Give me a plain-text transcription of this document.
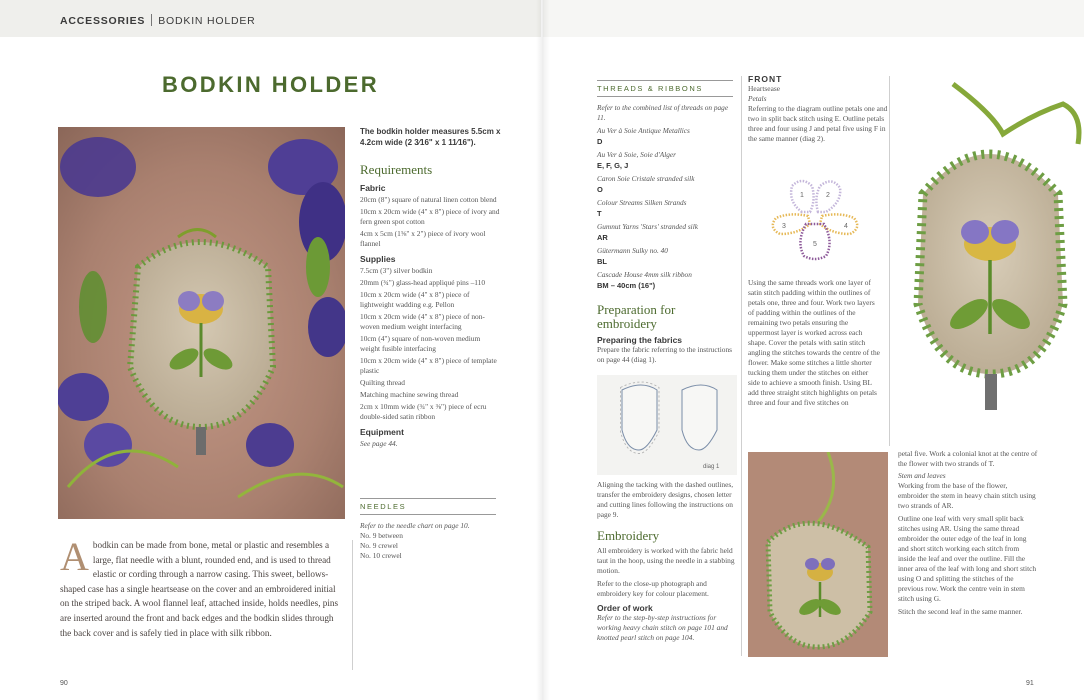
ACCESSORIES BODKIN HOLDER
BODKIN HOLDER
The bodkin holder measures 5.5cm x 4.2cm wide (2 3⁄16" x 1 11⁄16").
Requirements
Fabric

20cm (8") square of natural linen cotton blend

10cm x 20cm wide (4" x 8") piece of ivory and fern green spot cotton

4cm x 5cm (1⅝" x 2") piece of ivory wool flannel

Supplies

7.5cm (3") silver bodkin

20mm (¾") glass-head appliqué pins –110

10cm x 20cm wide (4" x 8") piece of lightweight wadding e.g. Pellon

10cm x 20cm wide (4" x 8") piece of non-woven medium weight interfacing

10cm (4") square of non-woven medium weight fusible interfacing

10cm x 20cm wide (4" x 8") piece of template plastic

Quilting thread

Matching machine sewing thread

2cm x 10mm wide (¾" x ⅜") piece of ecru double-sided satin ribbon

Equipment

See page 44.

NEEDLES

Refer to the needle chart on page 10.

No. 9 between

No. 9 crewel

No. 10 crewel

Abodkin can be made from bone, metal or plastic and resembles a large, flat needle with a blunt, rounded end, and is used to thread elastic or cording through a narrow casing. This sweet, bellows-shaped case has a single heartsease on the cover and an embroidered initial on the striped back. A wool flannel leaf, attached inside, holds needles, pins are inserted around the front and back edges and the bodkin slides through the back cover and is safely tied in place with silk ribbon.
90	91
THREADS & RIBBONS

Refer to the combined list of threads on page 11.

Au Ver à Soie Antique Metallics

D

Au Ver à Soie, Soie d'Alger

E, F, G, J

Caron Soie Cristale stranded silk

O

Colour Streams Silken Strands

T

Gumnut Yarns 'Stars' stranded silk

AR

Gütermann Sulky no. 40

BL

Cascade House 4mm silk ribbon

BM – 40cm (16")

Preparation for embroidery
Preparing the fabrics

Prepare the fabric referring to the instructions on page 44 (diag 1).

diag 1

Aligning the tacking with the dashed outlines, transfer the embroidery designs, chosen letter and cutting lines following the instructions on page 9.

Embroidery

All embroidery is worked with the fabric held taut in the hoop, using the needle in a stabbing motion.

Refer to the close-up photograph and embroidery key for colour placement.

Order of work

Refer to the step-by-step instructions for working heavy chain stitch on page 101 and knotted pearl stitch on page 104.

FRONT

Heartsease

Petals

Referring to the diagram outline petals one and two in split back stitch using E. Outline petals three and four using J and petal five using F in the same manner (diag 2).

1	2
3	4
5

Using the same threads work one layer of satin stitch padding within the outlines of petals one, three and four. Work two layers of padding within the outlines of the remaining two petals ensuring the uppermost layer is worked across each shape. Cover the petals with satin stitch angling the stitches towards the centre of the flower. Make some stitches a little shorter tucking them under the stitches on either side to achieve a smooth finish. Using BL add three straight stitch highlights on petals three and four and five stitches on

petal five. Work a colonial knot at the centre of the flower with two strands of T.

Stem and leaves

Working from the base of the flower, embroider the stem in heavy chain stitch using two strands of AR.

Outline one leaf with very small split back stitches using AR. Using the same thread embroider the outer edge of the leaf in long and short stitch working each stitch from inside the leaf and over the outline. Fill the inner area of the leaf with long and short stitch using O and splitting the stitches of the previous row. Work the centre vein in stem stitch using G.

Stitch the second leaf in the same manner.
